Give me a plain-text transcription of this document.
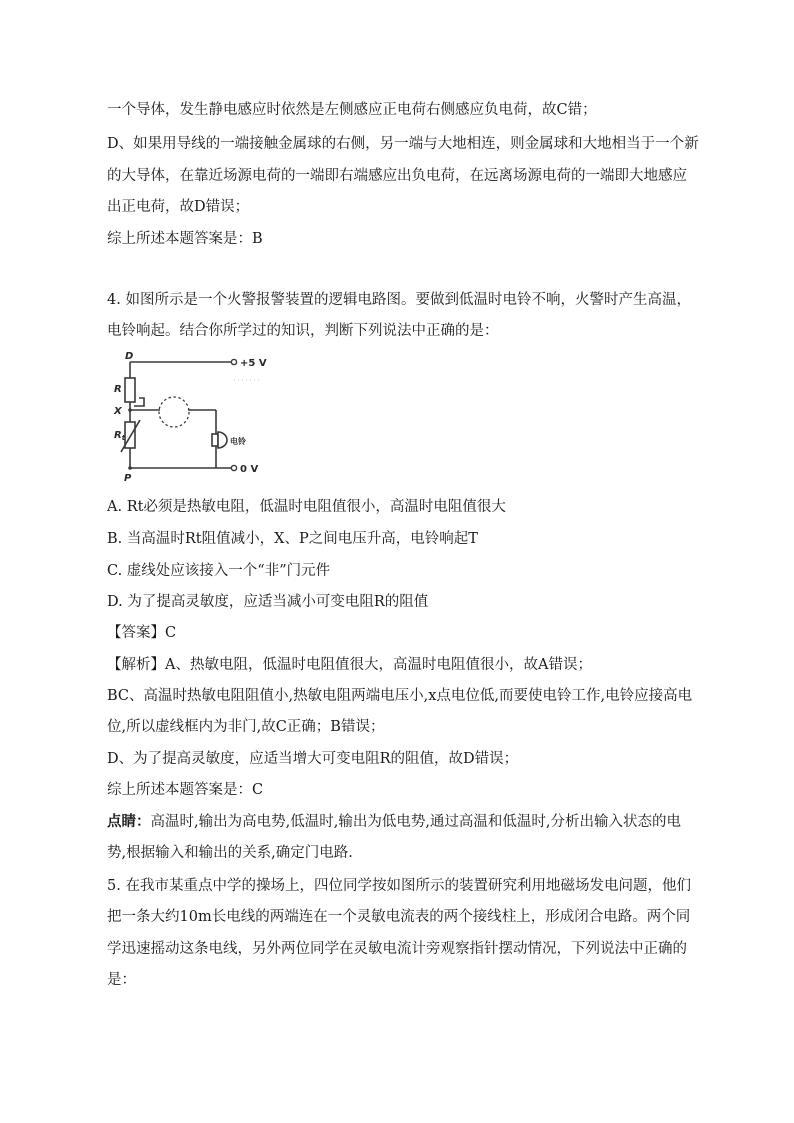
一个导体，发生静电感应时依然是左侧感应正电荷右侧感应负电荷，故C错；
D、如果用导线的一端接触金属球的右侧，另一端与大地相连，则金属球和大地相当于一个新
的大导体，在靠近场源电荷的一端即右端感应出负电荷，在远离场源电荷的一端即大地感应
出正电荷，故D错误；
综上所述本题答案是：B
4. 如图所示是一个火警报警装置的逻辑电路图。要做到低温时电铃不响，火警时产生高温，
电铃响起。结合你所学过的知识，判断下列说法中正确的是：
D
R
X
$R_t$
P
+5 V
0 V
电铃
A. Rt必须是热敏电阻，低温时电阻值很小，高温时电阻值很大
B. 当高温时Rt阻值减小，X、P之间电压升高，电铃响起T
C. 虚线处应该接入一个“非”门元件
D. 为了提高灵敏度，应适当减小可变电阻R的阻值
【答案】C
【解析】A、热敏电阻，低温时电阻值很大，高温时电阻值很小，故A错误；
BC、高温时热敏电阻阻值小,热敏电阻两端电压小,x点电位低,而要使电铃工作,电铃应接高电
位,所以虚线框内为非门,故C正确；B错误；
D、为了提高灵敏度，应适当增大可变电阻R的阻值，故D错误；
综上所述本题答案是：C
点睛：高温时,输出为高电势,低温时,输出为低电势,通过高温和低温时,分析出输入状态的电
势,根据输入和输出的关系,确定门电路.
5. 在我市某重点中学的操场上，四位同学按如图所示的装置研究利用地磁场发电问题，他们
把一条大约10m长电线的两端连在一个灵敏电流表的两个接线柱上，形成闭合电路。两个同
学迅速摇动这条电线，另外两位同学在灵敏电流计旁观察指针摆动情况，下列说法中正确的
是：
